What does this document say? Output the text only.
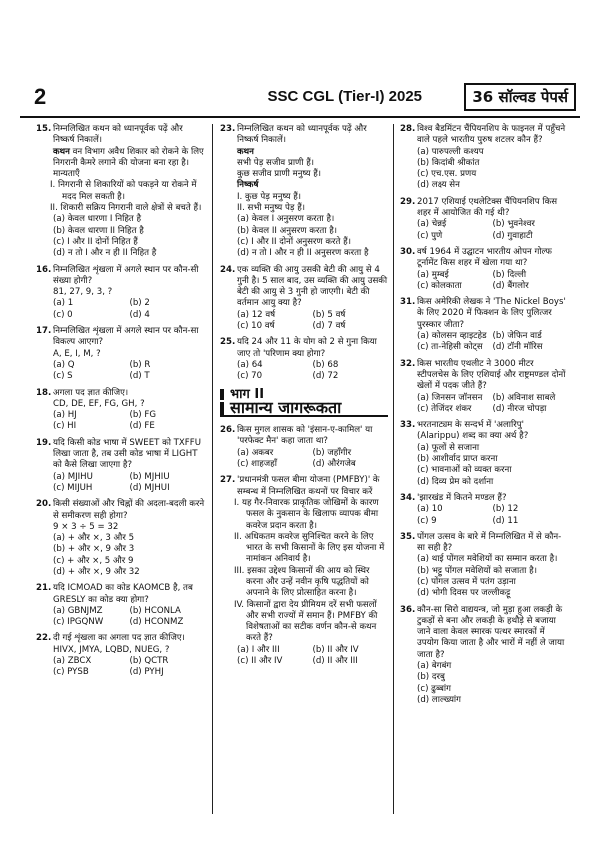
2	SSC CGL (Tier-I) 2025	36 सॉल्वड पेपर्स
15. निम्नलिखित कथन को ध्यानपूर्वक पढ़ें और निष्कर्ष निकालें।
कथन वन विभाग अवैध शिकार को रोकने के लिए निगरानी कैमरे लगाने की योजना बना रहा है। मान्यताएँ
I. निगरानी से शिकारियों को पकड़ने या रोकने में मदद मिल सकती है।
II. शिकारी सक्रिय निगरानी वाले क्षेत्रों से बचते हैं।
(a) केवल धारणा I निहित है
(b) केवल धारणा II निहित है
(c) I और II दोनों निहित हैं
(d) न तो I और न ही II निहित है
16. निम्नलिखित शृंखला में अगले स्थान पर कौन-सी संख्या होगी?
81, 27, 9, 3, ?
(a) 1	(b) 2
(c) 0	(d) 4
17. निम्नलिखित शृंखला में अगले स्थान पर कौन-सा विकल्प आएगा?
A, E, I, M, ?
(a) Q	(b) R
(c) S	(d) T
18. अगला पद ज्ञात कीजिए।
CD, DE, EF, FG, GH, ?
(a) HJ	(b) FG
(c) HI	(d) FE
19. यदि किसी कोड भाषा में SWEET को TXFFU लिखा जाता है, तब उसी कोड भाषा में LIGHT को कैसे लिखा जाएगा है?
(a) MJIHU	(b) MJHIU
(c) MIJUH	(d) MJHUI
20. किसी संख्याओं और चिह्नों की अदला-बदली करने से समीकरण सही होगा?
9 × 3 ÷ 5 = 32
(a) + और ×, 3 और 5
(b) + और ×, 9 और 3
(c) + और ×, 5 और 9
(d) + और ×, 9 और 32
21. यदि ICMOAD का कोड KAOMCB है, तब GRESLY का कोड क्या होगा?
(a) GBNJMZ	(b) HCONLA
(c) IPGQNW	(d) HCONMZ
22. दी गई शृंखला का अगला पद ज्ञात कीजिए।
HIVX, JMYA, LQBD, NUEG, ?
(a) ZBCX	(b) QCTR
(c) PYSB	(d) PYHJ
23. निम्नलिखित कथन को ध्यानपूर्वक पढ़ें और निष्कर्ष निकालें।
कथन
सभी पेड़ सजीव प्राणी हैं।
कुछ सजीव प्राणी मनुष्य हैं।
निष्कर्ष
I. कुछ पेड़ मनुष्य हैं।
II. सभी मनुष्य पेड़ हैं।
(a) केवल I अनुसरण करता है।
(b) केवल II अनुसरण करता है।
(c) I और II दोनों अनुसरण करते हैं।
(d) न तो I और न ही II अनुसरण करता है
24. एक व्यक्ति की आयु उसकी बेटी की आयु से 4 गुनी है। 5 साल बाद, उस व्यक्ति की आयु उसकी बेटी की आयु से 3 गुनी हो जाएगी। बेटी की वर्तमान आयु क्या है?
(a) 12 वर्ष	(b) 5 वर्ष
(c) 10 वर्ष	(d) 7 वर्ष
25. यदि 24 और 11 के योग को 2 से गुना किया जाए तो 'परिणाम क्या होगा?
(a) 64	(b) 68
(c) 70	(d) 72
भाग II
सामान्य जागरूकता
26. किस मुगल शासक को 'इंसान-ए-कामिल' या 'परफेक्ट मैन' कहा जाता था?
(a) अकबर	(b) जहाँगीर
(c) शाहजहाँ	(d) औरंगजेब
27. 'प्रधानमंत्री फसल बीमा योजना (PMFBY)' के सम्बन्ध में निम्नलिखित कथनों पर विचार करें
I. यह गैर-निवारक प्राकृतिक जोखिमों के कारण फसल के नुकसान के खिलाफ व्यापक बीमा कवरेज प्रदान करता है।
II. अधिकतम कवरेज सुनिश्चित करने के लिए भारत के सभी किसानों के लिए इस योजना में नामांकन अनिवार्य है।
III. इसका उद्देश्य किसानों की आय को स्थिर करना और उन्हें नवीन कृषि पद्धतियों को अपनाने के लिए प्रोत्साहित करना है।
IV. किसानों द्वारा देय प्रीमियम दरें सभी फसलों और सभी राज्यों में समान हैं। PMFBY की विशेषताओं का सटीक वर्णन कौन-से कथन करते हैं?
(a) I और III	(b) II और IV
(c) II और IV	(d) II और III
28. विश्व बैडमिंटन चैंपियनशिप के फाइनल में पहुँचने वाले पहले भारतीय पुरुष शटलर कौन हैं?
(a) पारुपल्ली कश्यप
(b) किदांबी श्रीकांत
(c) एच.एस. प्रणय
(d) लक्ष्य सेन
29. 2017 एशियाई एथलेटिक्स चैंपियनशिप किस शहर में आयोजित की गई थी?
(a) चेन्नई	(b) भुवनेश्वर
(c) पुणे	(d) गुवाहाटी
30. वर्ष 1964 में उद्घाटन भारतीय ओपन गोल्फ टूर्नामेंट किस शहर में खेला गया था?
(a) मुम्बई	(b) दिल्ली
(c) कोलकाता	(d) बैंगलोर
31. किस अमेरिकी लेखक ने 'The Nickel Boys' के लिए 2020 में फिक्शन के लिए पुलित्जर पुरस्कार जीता?
(a) कोलसन व्हाइटहेड (b) जेफिन वार्ड
(c) ता-नेहिसी कोट्स	(d) टॉनी मॉरिस
32. किस भारतीय एथलीट ने 3000 मीटर स्टीपलचेस के लिए एशियाई और राष्ट्रमण्डल दोनों खेलों में पदक जीते हैं?
(a) जिनसन जॉनसन	(b) अविनाश साबले
(c) तेजिंदर शंकर	(d) नीरज चोपड़ा
33. भरतनाट्यम के सन्दर्भ में 'अलारिपु' (Alarippu) शब्द का क्या अर्थ है?
(a) फूलों से सजाना
(b) आशीर्वाद प्राप्त करना
(c) भावनाओं को व्यक्त करना
(d) दिव्य प्रेम को दर्शाना
34. 'झारखंड में कितने मण्डल हैं?
(a) 10	(b) 12
(c) 9	(d) 11
35. पोंगल उत्सव के बारे में निम्नलिखित में से कौन-सा सही है?
(a) थाई पोंगल मवेशियों का सम्मान करता है।
(b) भट्टु पोंगल मवेशियों को सजाता है।
(c) पोंगल उत्सव में पतंग उड़ाना
(d) भोगी दिवस पर जल्लीकट्टू
36. कौन-सा सिरो वाद्ययन्त्र, जो मुड़ा हुआ लकड़ी के टुकड़ों से बना और लकड़ी के हथौड़े से बजाया जाने वाला केवल स्मारक पत्थर स्मारकों में उपयोग किया जाता है और भारों में नहीं ले जाया जाता है?
(a) बेगबंग
(b) दरबु
(c) ढुब्बांग
(d) लाल्ख्यांग
